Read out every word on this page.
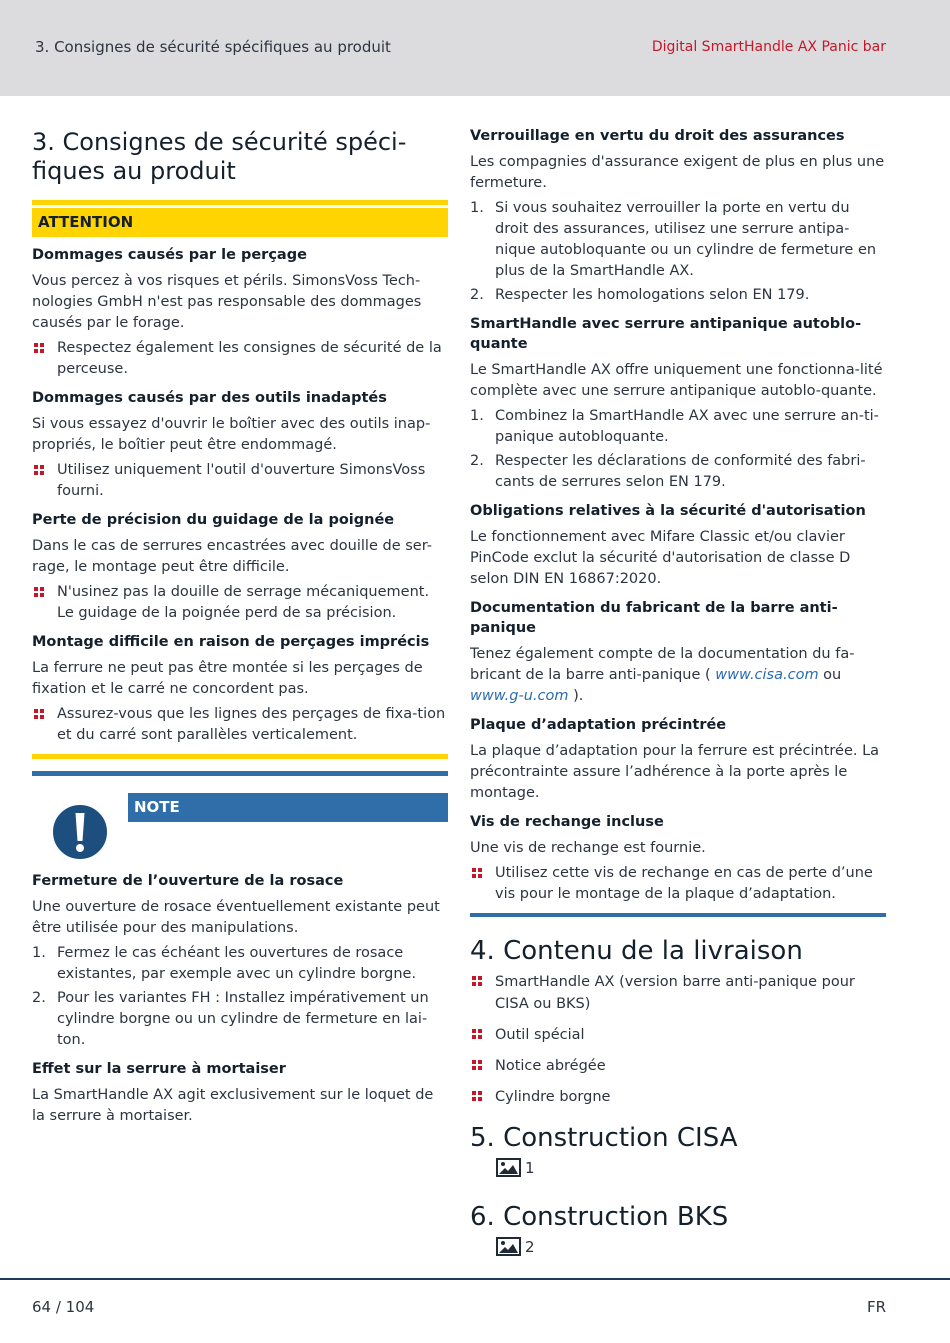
3. Consignes de sécurité spécifiques au produit	Digital SmartHandle AX Panic bar
3. Consignes de sécurité spéci-fiques au produit
ATTENTION
Dommages causés par le perçage
Vous percez à vos risques et périls. SimonsVoss Tech-nologies GmbH n'est pas responsable des dommages causés par le forage.
Respectez également les consignes de sécurité de la perceuse.
Dommages causés par des outils inadaptés
Si vous essayez d'ouvrir le boîtier avec des outils inap-propriés, le boîtier peut être endommagé.
Utilisez uniquement l'outil d'ouverture SimonsVoss fourni.
Perte de précision du guidage de la poignée
Dans le cas de serrures encastrées avec douille de ser-rage, le montage peut être difficile.
N'usinez pas la douille de serrage mécaniquement. Le guidage de la poignée perd de sa précision.
Montage difficile en raison de perçages imprécis
La ferrure ne peut pas être montée si les perçages de fixation et le carré ne concordent pas.
Assurez-vous que les lignes des perçages de fixa-tion et du carré sont parallèles verticalement.
NOTE
Fermeture de l’ouverture de la rosace
Une ouverture de rosace éventuellement existante peut être utilisée pour des manipulations.
1. Fermez le cas échéant les ouvertures de rosace existantes, par exemple avec un cylindre borgne.
2. Pour les variantes FH : Installez impérativement un cylindre borgne ou un cylindre de fermeture en lai-ton.
Effet sur la serrure à mortaiser
La SmartHandle AX agit exclusivement sur le loquet de la serrure à mortaiser.
Verrouillage en vertu du droit des assurances
Les compagnies d'assurance exigent de plus en plus une fermeture.
1. Si vous souhaitez verrouiller la porte en vertu du droit des assurances, utilisez une serrure antipa-nique autobloquante ou un cylindre de fermeture en plus de la SmartHandle AX.
2. Respecter les homologations selon EN 179.
SmartHandle avec serrure antipanique autoblo-quante
Le SmartHandle AX offre uniquement une fonctionna-lité complète avec une serrure antipanique autoblo-quante.
1. Combinez la SmartHandle AX avec une serrure an-ti-panique autobloquante.
2. Respecter les déclarations de conformité des fabri-cants de serrures selon EN 179.
Obligations relatives à la sécurité d'autorisation
Le fonctionnement avec Mifare Classic et/ou clavier PinCode exclut la sécurité d'autorisation de classe D selon DIN EN 16867:2020.
Documentation du fabricant de la barre anti-panique
Tenez également compte de la documentation du fa-bricant de la barre anti-panique ( www.cisa.com ou www.g-u.com ).
Plaque d’adaptation précintrée
La plaque d’adaptation pour la ferrure est précintrée. La précontrainte assure l’adhérence à la porte après le montage.
Vis de rechange incluse
Une vis de rechange est fournie.
Utilisez cette vis de rechange en cas de perte d’une vis pour le montage de la plaque d’adaptation.
4. Contenu de la livraison
SmartHandle AX (version barre anti-panique pour CISA ou BKS)
Outil spécial
Notice abrégée
Cylindre borgne
5. Construction CISA
1
6. Construction BKS
2
64 / 104	FR
